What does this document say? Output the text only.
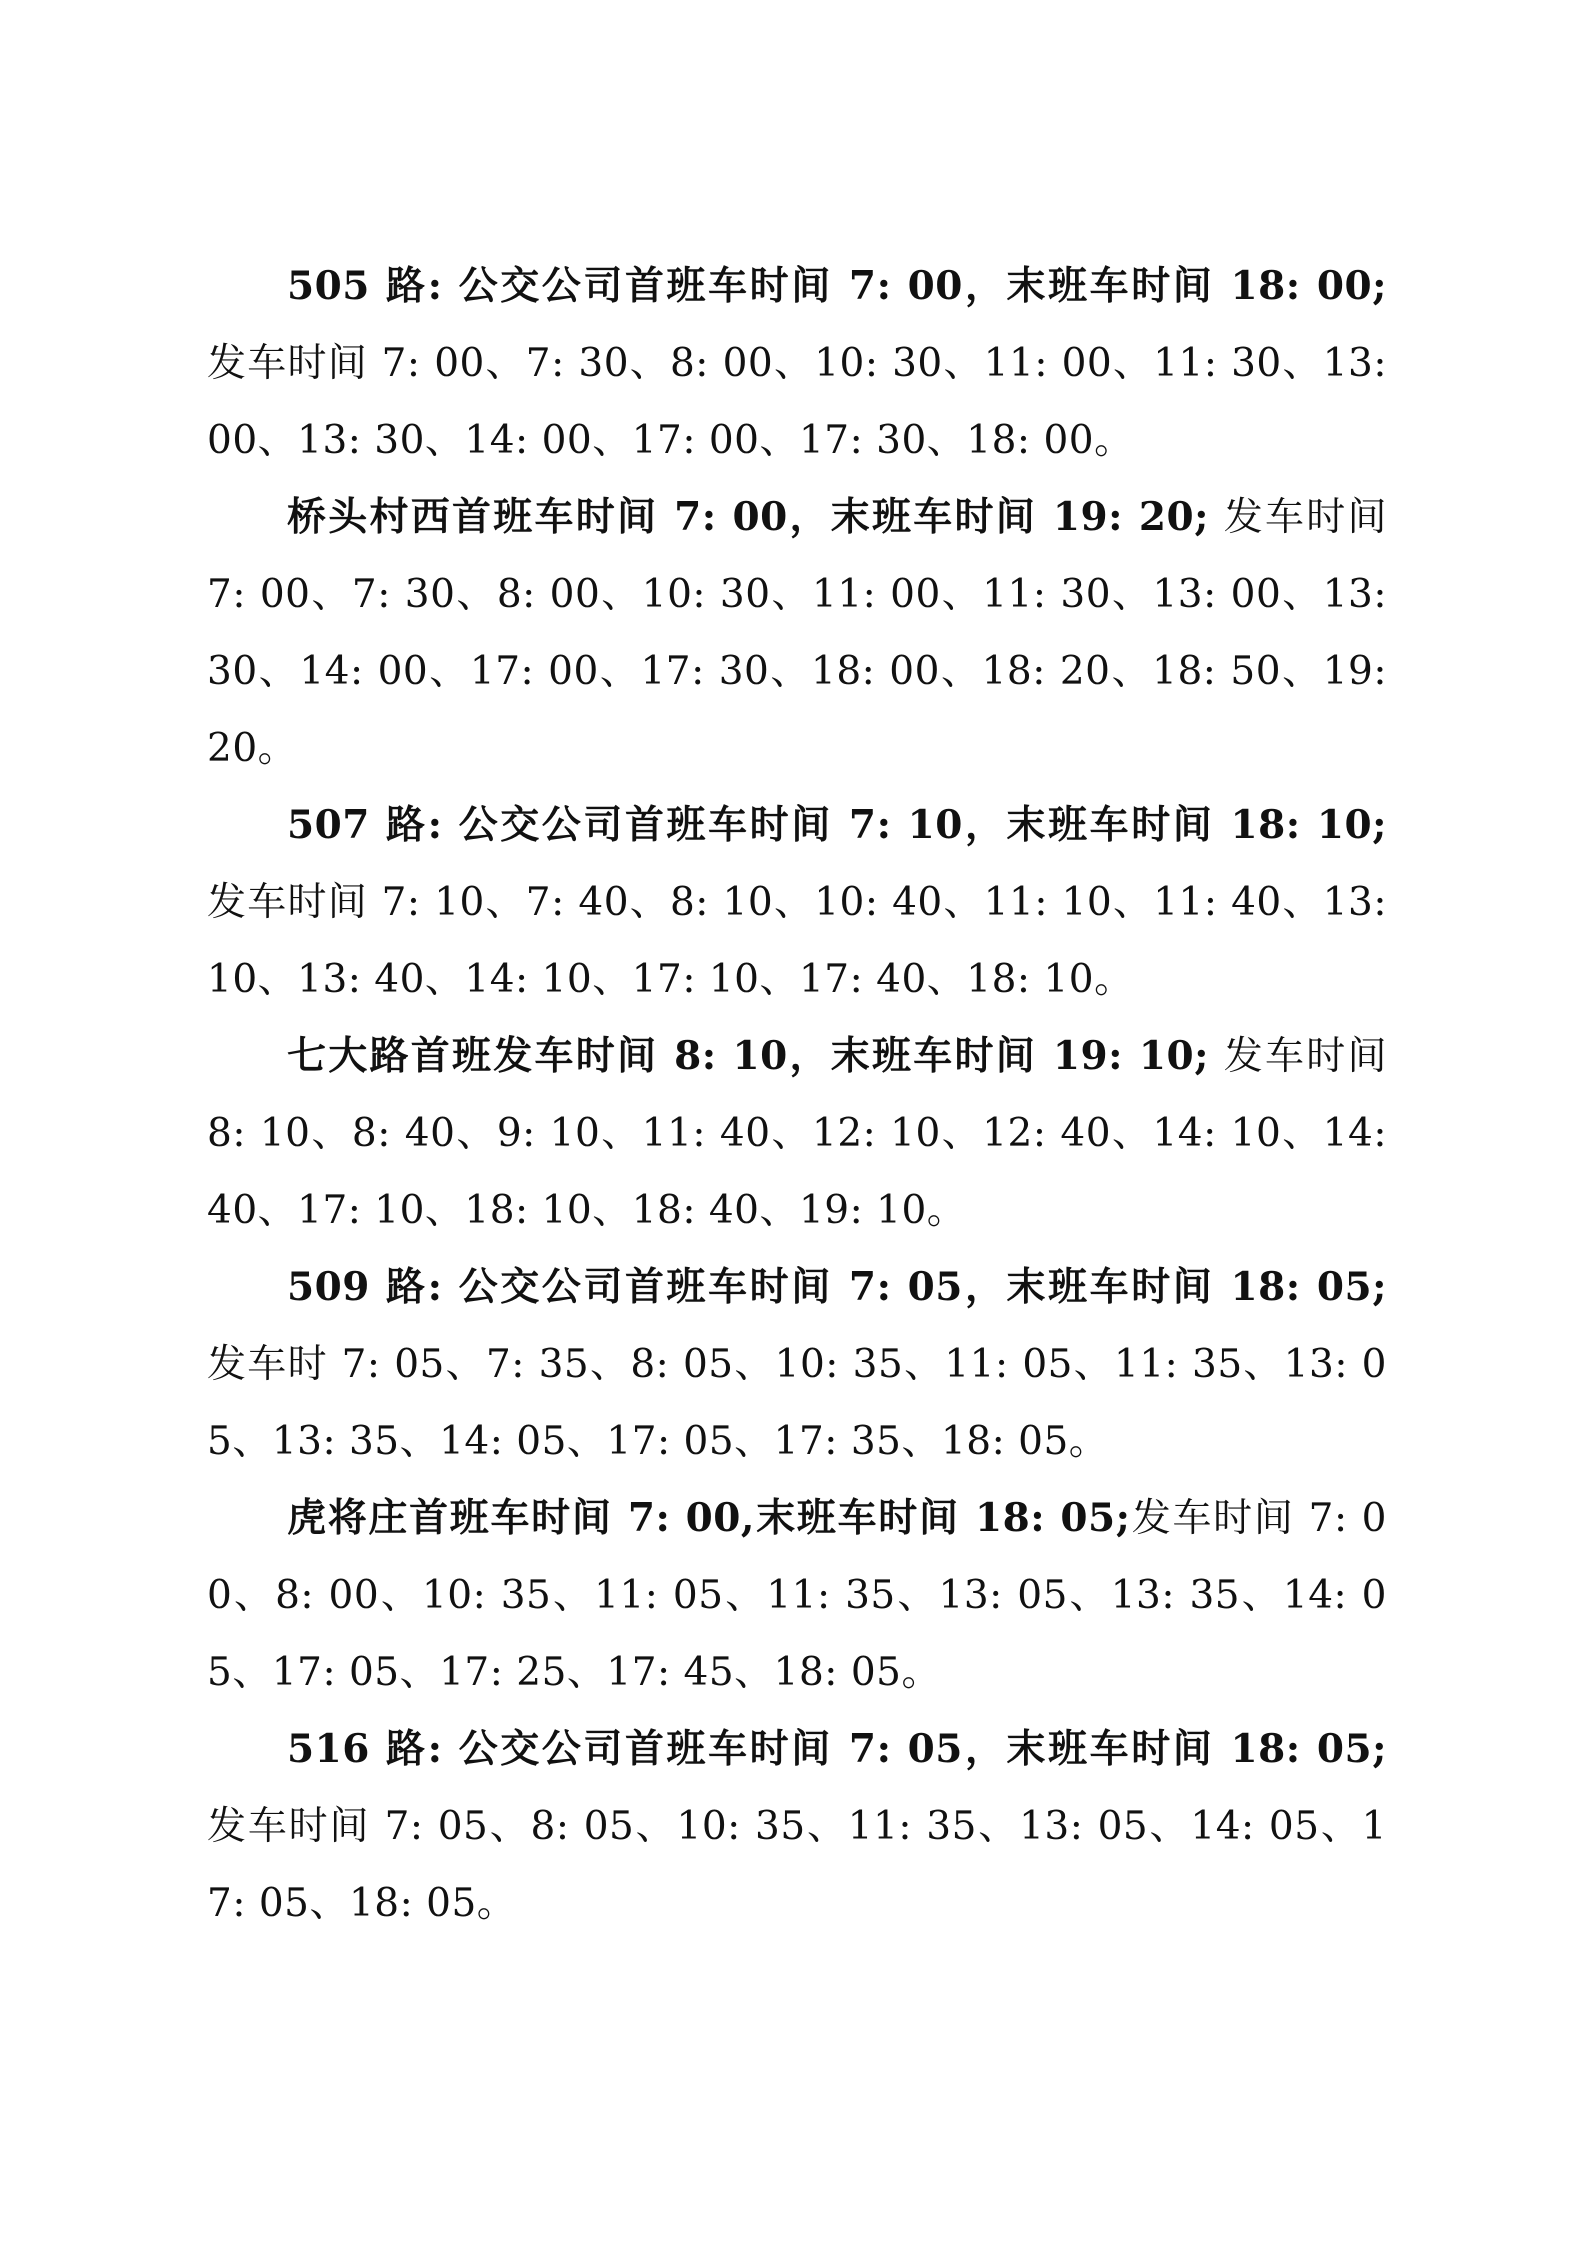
505 路: 公交公司首班车时间 7: 00，末班车时间 18: 00; 发车时间 7: 00、7: 30、8: 00、10: 30、11: 00、11: 30、13: 00、13: 30、14: 00、17: 00、17: 30、18: 00。

桥头村西首班车时间 7: 00，末班车时间 19: 20; 发车时间 7: 00、7: 30、8: 00、10: 30、11: 00、11: 30、13: 00、13: 30、14: 00、17: 00、17: 30、18: 00、18: 20、18: 50、19: 20。

507 路: 公交公司首班车时间 7: 10，末班车时间 18: 10; 发车时间 7: 10、7: 40、8: 10、10: 40、11: 10、11: 40、13: 10、13: 40、14: 10、17: 10、17: 40、18: 10。

七大路首班发车时间 8: 10，末班车时间 19: 10; 发车时间 8: 10、8: 40、9: 10、11: 40、12: 10、12: 40、14: 10、14: 40、17: 10、18: 10、18: 40、19: 10。

509 路: 公交公司首班车时间 7: 05，末班车时间 18: 05; 发车时 7: 05、7: 35、8: 05、10: 35、11: 05、11: 35、13: 05、13: 35、14: 05、17: 05、17: 35、18: 05。

虎将庄首班车时间 7: 00,末班车时间 18: 05;发车时间 7: 00、8: 00、10: 35、11: 05、11: 35、13: 05、13: 35、14: 05、17: 05、17: 25、17: 45、18: 05。

516 路: 公交公司首班车时间 7: 05，末班车时间 18: 05; 发车时间 7: 05、8: 05、10: 35、11: 35、13: 05、14: 05、17: 05、18: 05。
